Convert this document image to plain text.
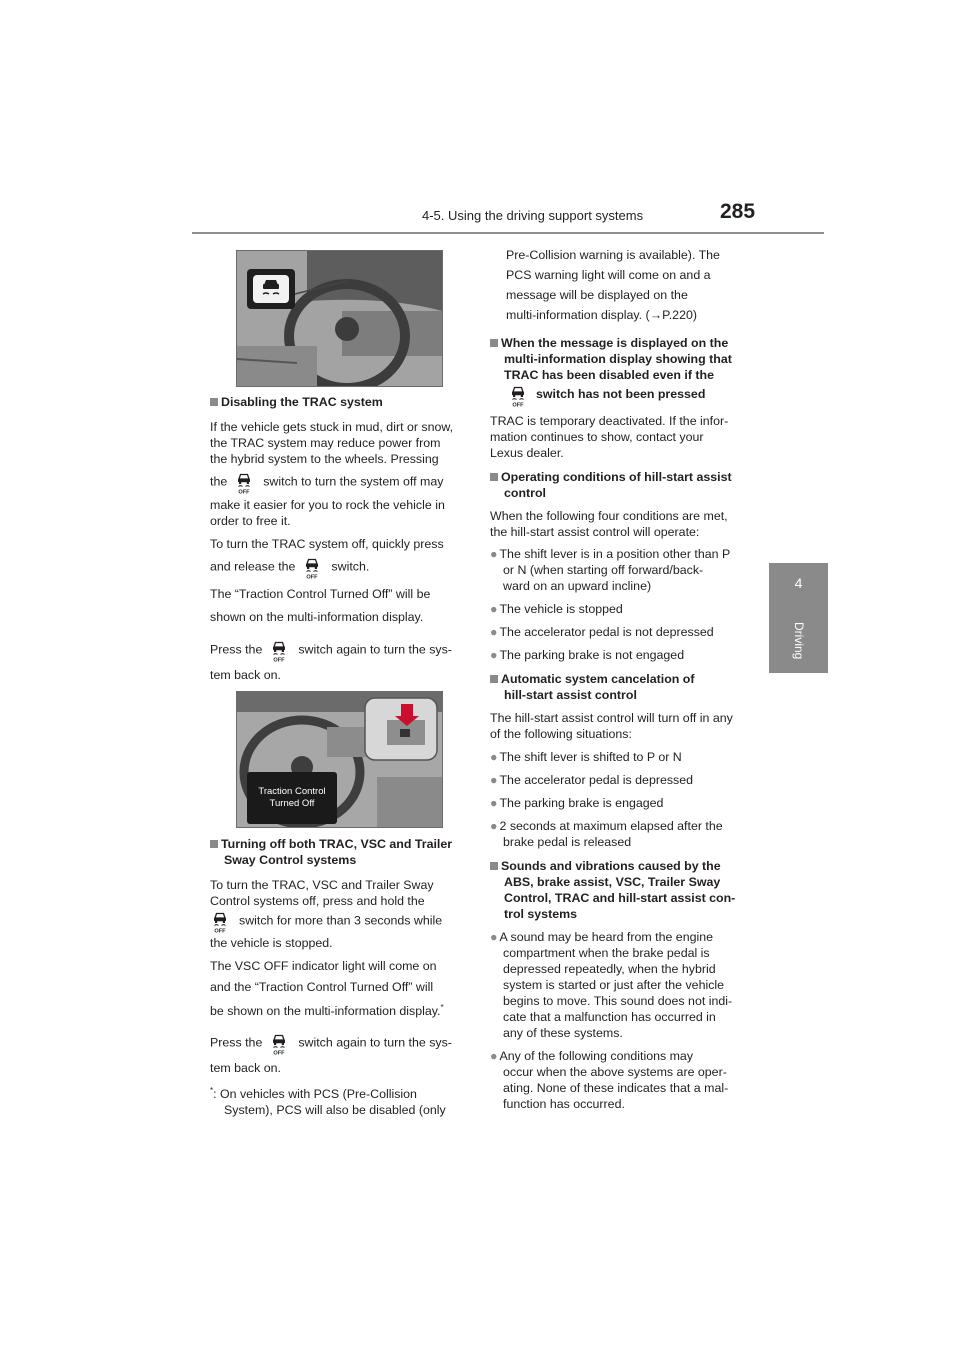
4-5. Using the driving support systems	285
4
Driving
Traction Control
Turned Off

Disabling the TRAC system

If the vehicle gets stuck in mud, dirt or snow,
the TRAC system may reduce power from
the hybrid system to the wheels. Pressing

the	switch to turn the system off may

make it easier for you to rock the vehicle in
order to free it.

To turn the TRAC system off, quickly press

and release the	switch.

The “Traction Control Turned Off” will be

shown on the multi-information display.

Press the	switch again to turn the sys-

tem back on.

Turning off both TRAC, VSC and Trailer
Sway Control systems

To turn the TRAC, VSC and Trailer Sway
Control systems off, press and hold the

switch for more than 3 seconds while

the vehicle is stopped.

The VSC OFF indicator light will come on

and the “Traction Control Turned Off” will

be shown on the multi-information display.*

Press the	switch again to turn the sys-

tem back on.

*: On vehicles with PCS (Pre-Collision
System), PCS will also be disabled (only

Pre-Collision warning is available). The
PCS warning light will come on and a
message will be displayed on the
multi-information display. (→P.220)

When the message is displayed on the
multi-information display showing that
TRAC has been disabled even if the

switch has not been pressed

TRAC is temporary deactivated. If the infor-
mation continues to show, contact your
Lexus dealer.

Operating conditions of hill-start assist
control

When the following four conditions are met,
the hill-start assist control will operate:

● The shift lever is in a position other than P
or N (when starting off forward/back-
ward on an upward incline)

● The vehicle is stopped

● The accelerator pedal is not depressed

● The parking brake is not engaged

Automatic system cancelation of
hill-start assist control

The hill-start assist control will turn off in any
of the following situations:

● The shift lever is shifted to P or N

● The accelerator pedal is depressed

● The parking brake is engaged

● 2 seconds at maximum elapsed after the
brake pedal is released

Sounds and vibrations caused by the
ABS, brake assist, VSC, Trailer Sway
Control, TRAC and hill-start assist con-
trol systems

● A sound may be heard from the engine
compartment when the brake pedal is
depressed repeatedly, when the hybrid
system is started or just after the vehicle
begins to move. This sound does not indi-
cate that a malfunction has occurred in
any of these systems.

● Any of the following conditions may
occur when the above systems are oper-
ating. None of these indicates that a mal-
function has occurred.
